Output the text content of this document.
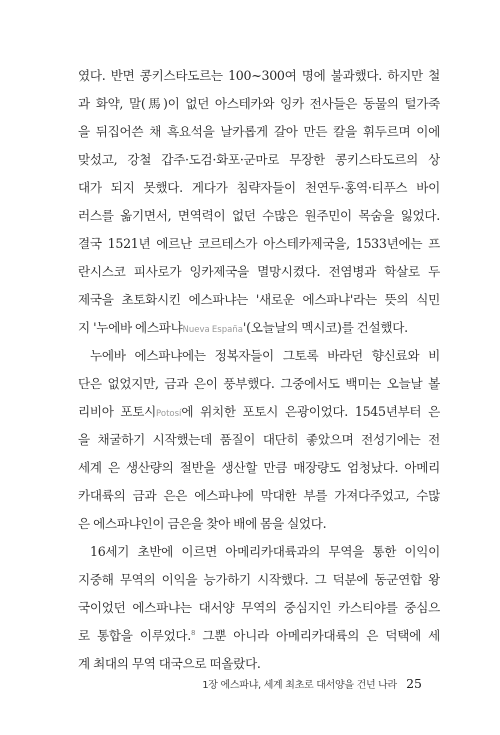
였다. 반면 콩키스타도르는 100~300여 명에 불과했다. 하지만 철
과 화약, 말(馬)이 없던 아스테카와 잉카 전사들은 동물의 털가죽
을 뒤집어쓴 채 흑요석을 날카롭게 갈아 만든 칼을 휘두르며 이에
맞섰고, 강철 갑주·도검·화포·군마로 무장한 콩키스타도르의 상
대가 되지 못했다. 게다가 침략자들이 천연두·홍역·티푸스 바이
러스를 옮기면서, 면역력이 없던 수많은 원주민이 목숨을 잃었다.
결국 1521년 에르난 코르테스가 아스테카제국을, 1533년에는 프
란시스코 피사로가 잉카제국을 멸망시켰다. 전염병과 학살로 두
제국을 초토화시킨 에스파냐는 '새로운 에스파냐'라는 뜻의 식민
지 '누에바 에스파냐Nueva España'(오늘날의 멕시코)를 건설했다.

누에바 에스파냐에는 정복자들이 그토록 바라던 향신료와 비
단은 없었지만, 금과 은이 풍부했다. 그중에서도 백미는 오늘날 볼
리비아 포토시Potosí에 위치한 포토시 은광이었다. 1545년부터 은
을 채굴하기 시작했는데 품질이 대단히 좋았으며 전성기에는 전
세계 은 생산량의 절반을 생산할 만큼 매장량도 엄청났다. 아메리
카대륙의 금과 은은 에스파냐에 막대한 부를 가져다주었고, 수많
은 에스파냐인이 금은을 찾아 배에 몸을 실었다.

16세기 초반에 이르면 아메리카대륙과의 무역을 통한 이익이
지중해 무역의 이익을 능가하기 시작했다. 그 덕분에 동군연합 왕
국이었던 에스파냐는 대서양 무역의 중심지인 카스티야를 중심으
로 통합을 이루었다.$^8$ 그뿐 아니라 아메리카대륙의 은 덕택에 세
계 최대의 무역 대국으로 떠올랐다.

1장 에스파냐, 세계 최초로 대서양을 건넌 나라 25
